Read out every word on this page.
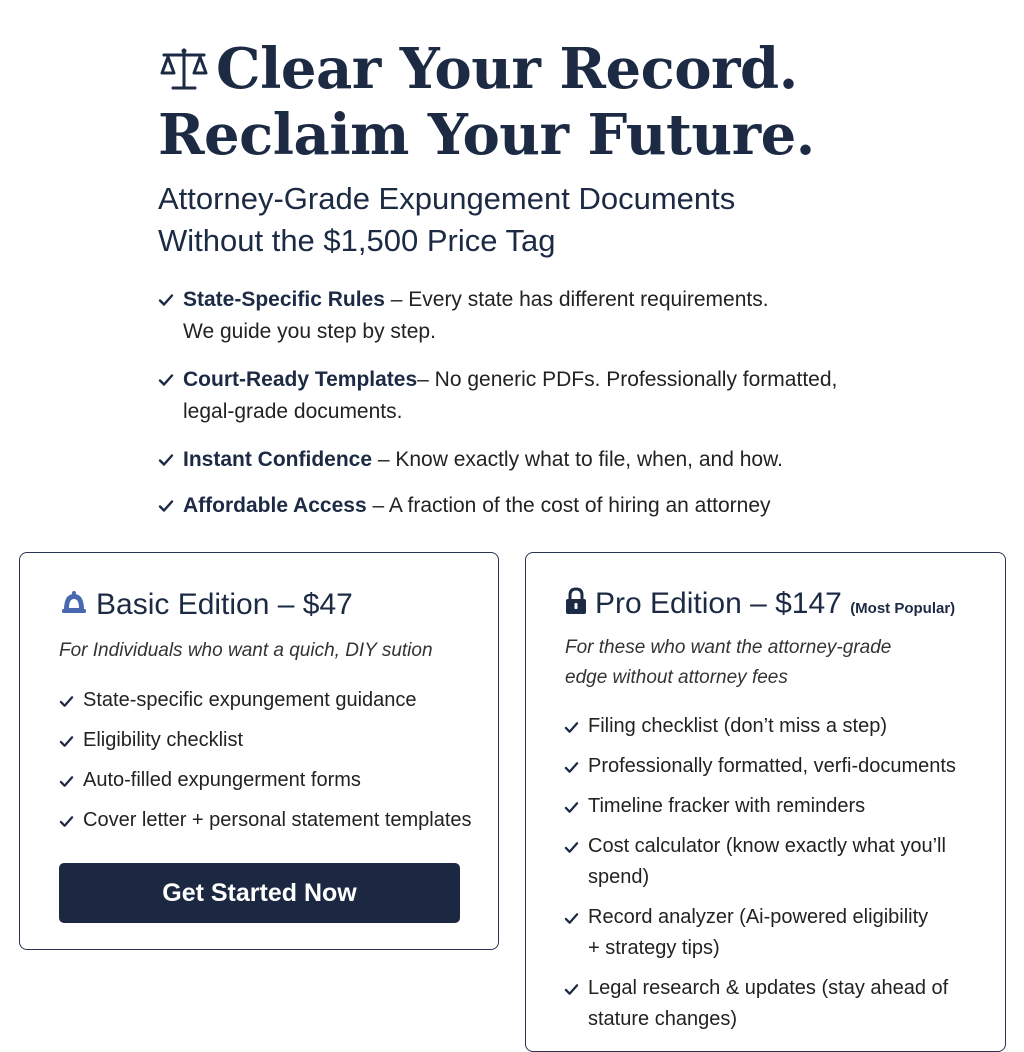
Clear Your Record.
Reclaim Your Future.
Attorney-Grade Expungement Documents
Without the $1,500 Price Tag
State-Specific Rules – Every state has different requirements.
We guide you step by step.
Court-Ready Templates– No generic PDFs. Professionally formatted,
legal-grade documents.
Instant Confidence – Know exactly what to file, when, and how.
Affordable Access – A fraction of the cost of hiring an attorney
Basic Edition – $47

For Individuals who want a quich, DIY sution

State-specific expungement guidance
Eligibility checklist
Auto-filled expungerment forms
Cover letter + personal statement templates
Get Started Now
Pro Edition – $147 (Most Popular)

For these who want the attorney-grade
edge without attorney fees

Filing checklist (don’t miss a step)
Professionally formatted, verfi-documents
Timeline fracker with reminders
Cost calculator (know exactly what you’ll
spend)
Record analyzer (Ai-powered eligibility
+ strategy tips)
Legal research & updates (stay ahead of
stature changes)
